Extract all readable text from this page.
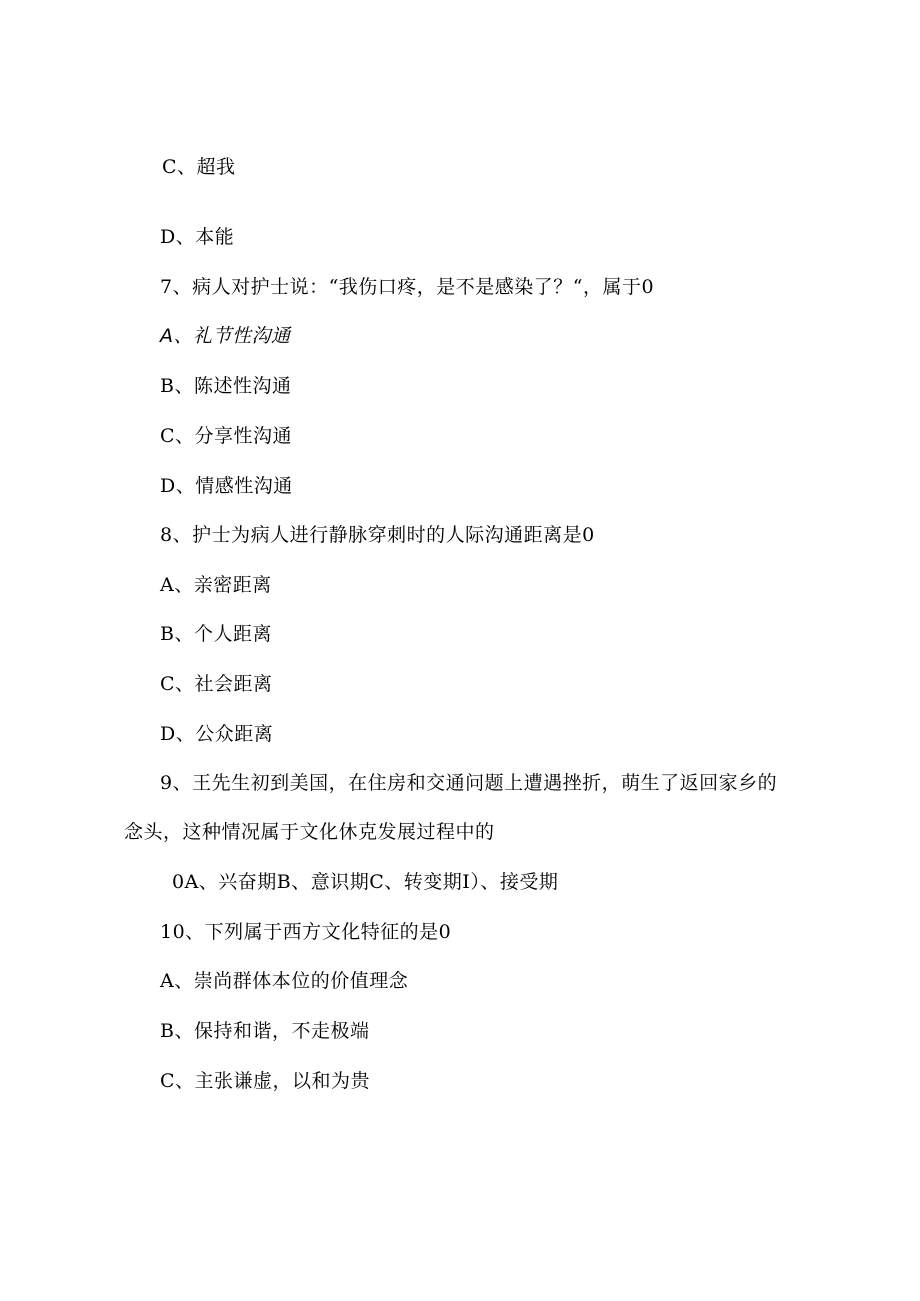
C、超我
D、本能
7、病人对护士说：“我伤口疼，是不是感染了？“，属于0
A、礼节性沟通
B、陈述性沟通
C、分享性沟通
D、情感性沟通
8、护士为病人进行静脉穿刺时的人际沟通距离是0
A、亲密距离
B、个人距离
C、社会距离
D、公众距离
9、王先生初到美国，在住房和交通问题上遭遇挫折，萌生了返回家乡的
念头，这种情况属于文化休克发展过程中的
0A、兴奋期B、意识期C、转变期I）、接受期
10、下列属于西方文化特征的是0
A、崇尚群体本位的价值理念
B、保持和谐，不走极端
C、主张谦虚，以和为贵
